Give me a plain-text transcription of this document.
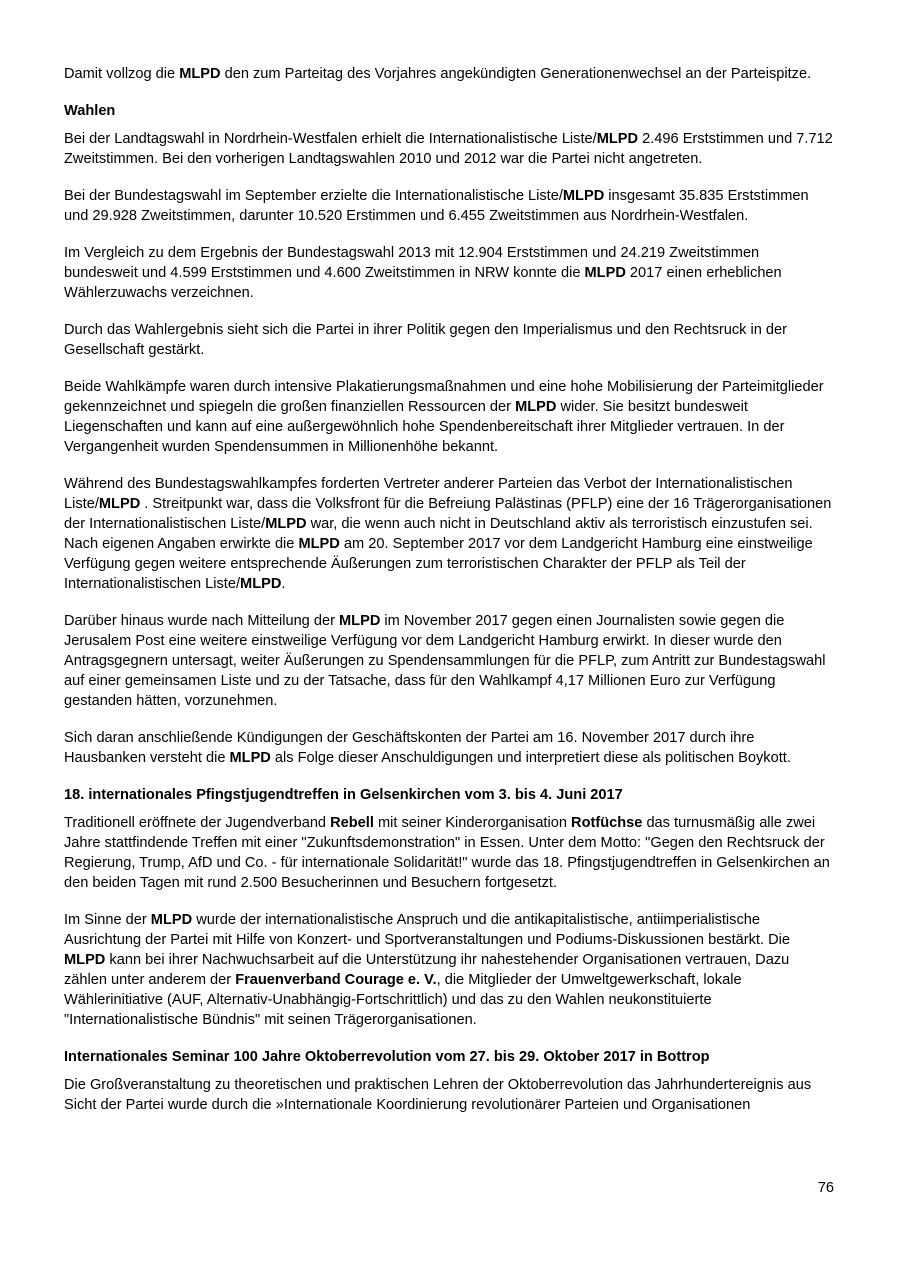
Damit vollzog die MLPD den zum Parteitag des Vorjahres angekündigten Generationenwechsel an der Parteispitze.

Wahlen

Bei der Landtagswahl in Nordrhein-Westfalen erhielt die Internationalistische Liste/MLPD 2.496 Erststimmen und 7.712 Zweitstimmen. Bei den vorherigen Landtagswahlen 2010 und 2012 war die Partei nicht angetreten.

Bei der Bundestagswahl im September erzielte die Internationalistische Liste/MLPD insgesamt 35.835 Erststimmen und 29.928 Zweitstimmen, darunter 10.520 Erstimmen und 6.455 Zweitstimmen aus Nordrhein-Westfalen.

Im Vergleich zu dem Ergebnis der Bundestagswahl 2013 mit 12.904 Erststimmen und 24.219 Zweitstimmen bundesweit und 4.599 Erststimmen und 4.600 Zweitstimmen in NRW konnte die MLPD 2017 einen erheblichen Wählerzuwachs verzeichnen.

Durch das Wahlergebnis sieht sich die Partei in ihrer Politik gegen den Imperialismus und den Rechtsruck in der Gesellschaft gestärkt.

Beide Wahlkämpfe waren durch intensive Plakatierungsmaßnahmen und eine hohe Mobilisierung der Parteimitglieder gekennzeichnet und spiegeln die großen finanziellen Ressourcen der MLPD wider. Sie besitzt bundesweit Liegenschaften und kann auf eine außergewöhnlich hohe Spendenbereitschaft ihrer Mitglieder vertrauen. In der Vergangenheit wurden Spendensummen in Millionenhöhe bekannt.

Während des Bundestagswahlkampfes forderten Vertreter anderer Parteien das Verbot der Internationalistischen Liste/MLPD . Streitpunkt war, dass die Volksfront für die Befreiung Palästinas (PFLP) eine der 16 Trägerorganisationen der Internationalistischen Liste/MLPD war, die wenn auch nicht in Deutschland aktiv als terroristisch einzustufen sei. Nach eigenen Angaben erwirkte die MLPD am 20. September 2017 vor dem Landgericht Hamburg eine einstweilige Verfügung gegen weitere entsprechende Äußerungen zum terroristischen Charakter der PFLP als Teil der Internationalistischen Liste/MLPD.

Darüber hinaus wurde nach Mitteilung der MLPD im November 2017 gegen einen Journalisten sowie gegen die Jerusalem Post eine weitere einstweilige Verfügung vor dem Landgericht Hamburg erwirkt. In dieser wurde den Antragsgegnern untersagt, weiter Äußerungen zu Spendensammlungen für die PFLP, zum Antritt zur Bundestagswahl auf einer gemeinsamen Liste und zu der Tatsache, dass für den Wahlkampf 4,17 Millionen Euro zur Verfügung gestanden hätten, vorzunehmen.

Sich daran anschließende Kündigungen der Geschäftskonten der Partei am 16. November 2017 durch ihre Hausbanken versteht die MLPD als Folge dieser Anschuldigungen und interpretiert diese als politischen Boykott.

18. internationales Pfingstjugendtreffen in Gelsenkirchen vom 3. bis 4. Juni 2017

Traditionell eröffnete der Jugendverband Rebell mit seiner Kinderorganisation Rotfüchse das turnusmäßig alle zwei Jahre stattfindende Treffen mit einer "Zukunftsdemonstration" in Essen. Unter dem Motto: "Gegen den Rechtsruck der Regierung, Trump, AfD und Co. - für internationale Solidarität!" wurde das 18. Pfingstjugendtreffen in Gelsenkirchen an den beiden Tagen mit rund 2.500 Besucherinnen und Besuchern fortgesetzt.

Im Sinne der MLPD wurde der internationalistische Anspruch und die antikapitalistische, antiimperialistische Ausrichtung der Partei mit Hilfe von Konzert- und Sportveranstaltungen und Podiums-Diskussionen bestärkt. Die MLPD kann bei ihrer Nachwuchsarbeit auf die Unterstützung ihr nahestehender Organisationen vertrauen, Dazu zählen unter anderem der Frauenverband Courage e. V., die Mitglieder der Umweltgewerkschaft, lokale Wählerinitiative (AUF, Alternativ-Unabhängig-Fortschrittlich) und das zu den Wahlen neukonstituierte "Internationalistische Bündnis" mit seinen Trägerorganisationen.

Internationales Seminar 100 Jahre Oktoberrevolution vom 27. bis 29. Oktober 2017 in Bottrop

Die Großveranstaltung zu theoretischen und praktischen Lehren der Oktoberrevolution das Jahrhundertereignis aus Sicht der Partei wurde durch die »Internationale Koordinierung revolutionärer Parteien und Organisationen

76
